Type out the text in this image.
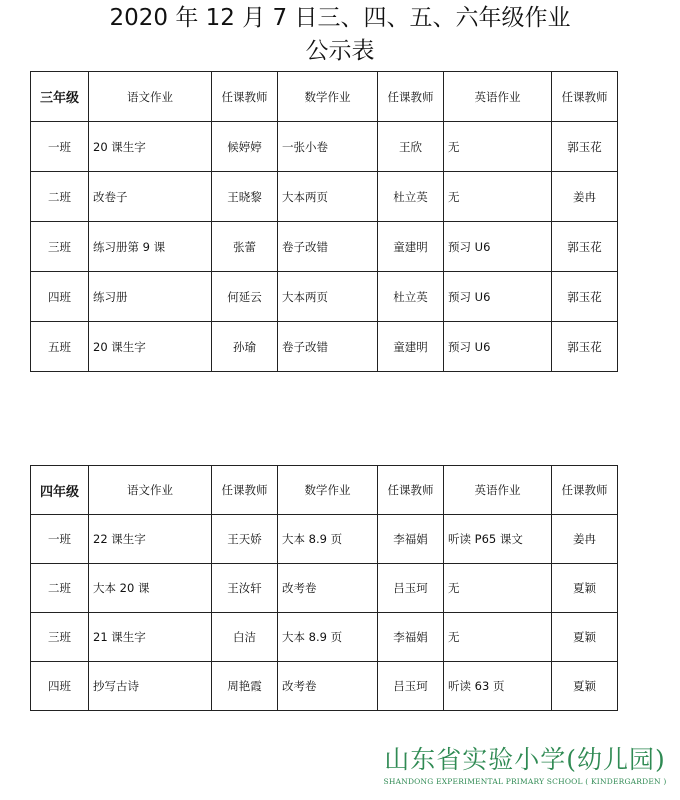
2020 年 12 月 7 日三、四、五、六年级作业
公示表
三年级	语文作业	任课教师	数学作业	任课教师	英语作业	任课教师
一班	20 课生字	候婷婷	一张小卷	王欣	无	郭玉花
二班	改卷子	王晓黎	大本两页	杜立英	无	姜冉
三班	练习册第 9 课	张蕾	卷子改错	童建明	预习 U6	郭玉花
四班	练习册	何延云	大本两页	杜立英	预习 U6	郭玉花
五班	20 课生字	孙瑜	卷子改错	童建明	预习 U6	郭玉花
四年级	语文作业	任课教师	数学作业	任课教师	英语作业	任课教师
一班	22 课生字	王天娇	大本 8.9 页	李福娟	听读 P65 课文	姜冉
二班	大本 20 课	王汝轩	改考卷	吕玉珂	无	夏颖
三班	21 课生字	白洁	大本 8.9 页	李福娟	无	夏颖
四班	抄写古诗	周艳霞	改考卷	吕玉珂	听读 63 页	夏颖
山东省实验小学(幼儿园)
SHANDONG EXPERIMENTAL PRIMARY SCHOOL ( KINDERGARDEN )
